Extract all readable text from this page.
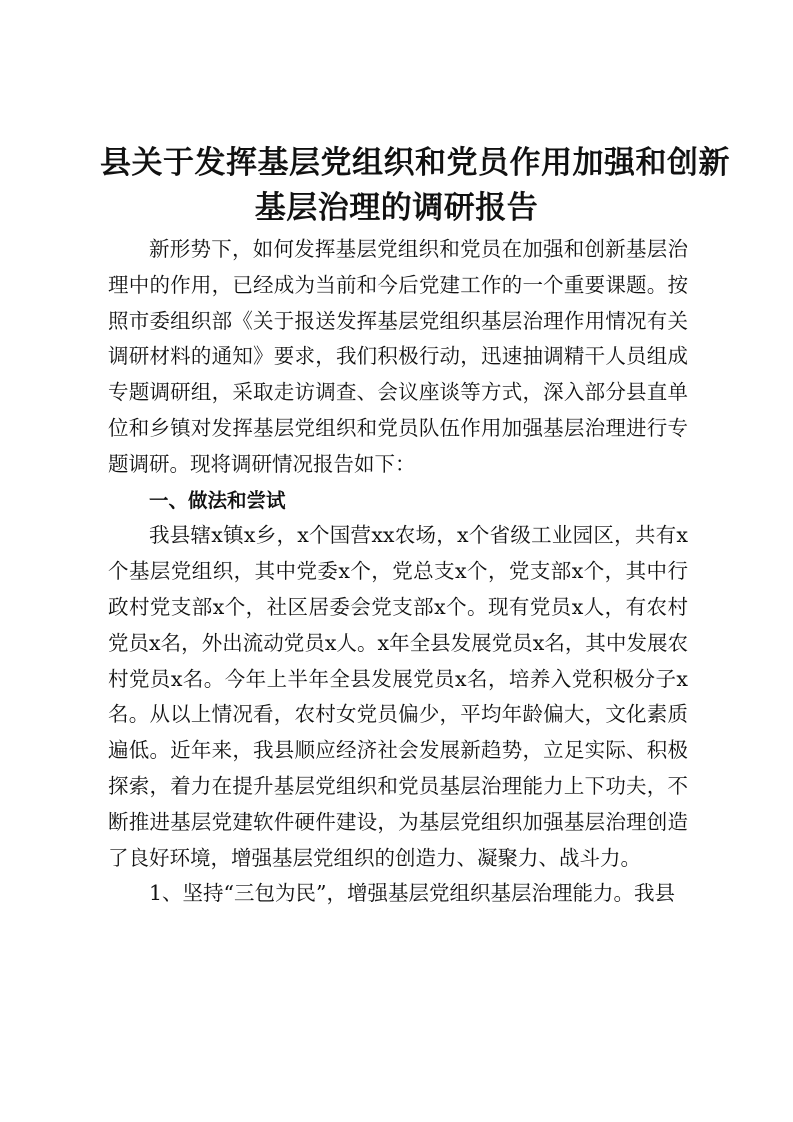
县关于发挥基层党组织和党员作用加强和创新
基层治理的调研报告

新形势下，如何发挥基层党组织和党员在加强和创新基层治理中的作用，已经成为当前和今后党建工作的一个重要课题。按照市委组织部《关于报送发挥基层党组织基层治理作用情况有关调研材料的通知》要求，我们积极行动，迅速抽调精干人员组成专题调研组，采取走访调查、会议座谈等方式，深入部分县直单位和乡镇对发挥基层党组织和党员队伍作用加强基层治理进行专题调研。现将调研情况报告如下：

一、做法和尝试

我县辖x镇x乡，x个国营xx农场，x个省级工业园区，共有x个基层党组织，其中党委x个，党总支x个，党支部x个，其中行政村党支部x个，社区居委会党支部x个。现有党员x人，有农村党员x名，外出流动党员x人。x年全县发展党员x名，其中发展农村党员x名。今年上半年全县发展党员x名，培养入党积极分子x名。从以上情况看，农村女党员偏少，平均年龄偏大，文化素质遍低。近年来，我县顺应经济社会发展新趋势，立足实际、积极探索，着力在提升基层党组织和党员基层治理能力上下功夫，不断推进基层党建软件硬件建设，为基层党组织加强基层治理创造了良好环境，增强基层党组织的创造力、凝聚力、战斗力。

1、坚持“三包为民”，增强基层党组织基层治理能力。我县
